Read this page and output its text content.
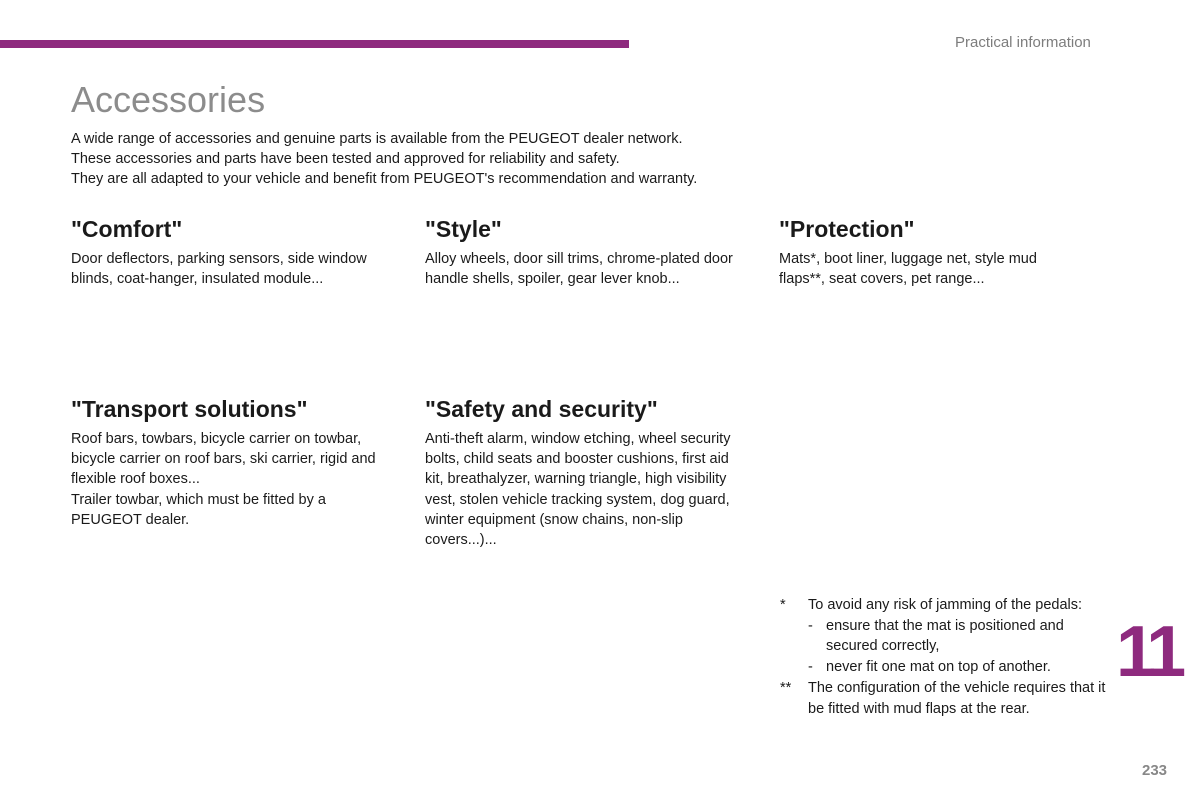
Practical information
Accessories
A wide range of accessories and genuine parts is available from the PEUGEOT dealer network.
These accessories and parts have been tested and approved for reliability and safety.
They are all adapted to your vehicle and benefit from PEUGEOT's recommendation and warranty.
"Comfort"

Door deflectors, parking sensors, side window blinds, coat-hanger, insulated module...

"Style"

Alloy wheels, door sill trims, chrome-plated door handle shells, spoiler, gear lever knob...

"Protection"

Mats*, boot liner, luggage net, style mud flaps**, seat covers, pet range...

"Transport solutions"

Roof bars, towbars, bicycle carrier on towbar, bicycle carrier on roof bars, ski carrier, rigid and flexible roof boxes...

Trailer towbar, which must be fitted by a PEUGEOT dealer.

"Safety and security"

Anti-theft alarm, window etching, wheel security bolts, child seats and booster cushions, first aid kit, breathalyzer, warning triangle, high visibility vest, stolen vehicle tracking system, dog guard, winter equipment (snow chains, non-slip covers...)...

*	To avoid any risk of jamming of the pedals:
- ensure that the mat is positioned and secured correctly,
- never fit one mat on top of another.
**	The configuration of the vehicle requires that it be fitted with mud flaps at the rear.
11
233
